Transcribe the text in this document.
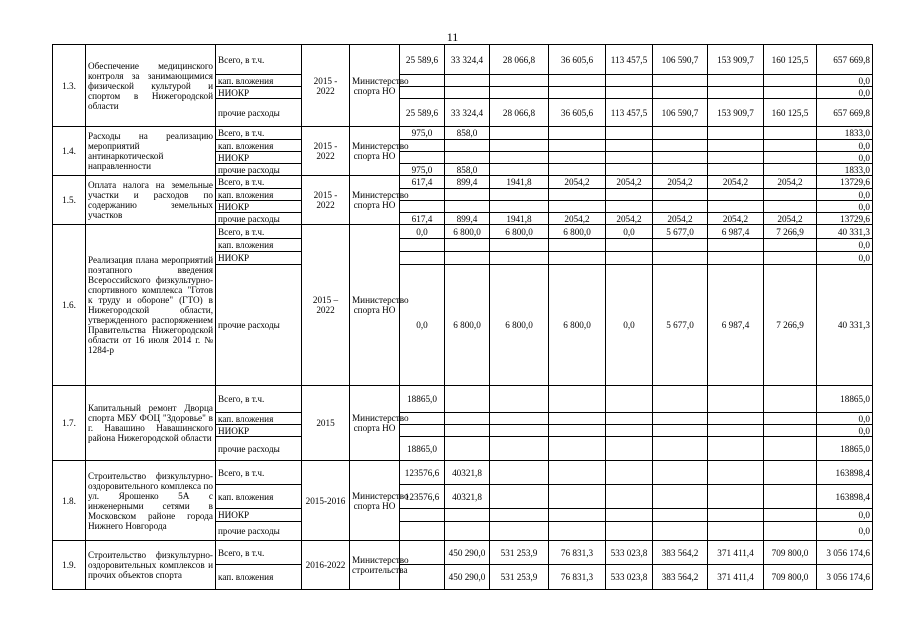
11
1.3.	Обеспечение медицинского контроля за занимающимися физической культурой и спортом в Нижегородской области	Всего, в т.ч.	2015 - 2022	Министерство спорта НО	25 589,6	33 324,4	28 066,8	36 605,6	113 457,5	106 590,7	153 909,7	160 125,5	657 669,8
		кап. вложения											0,0
		НИОКР											0,0
		прочие расходы			25 589,6	33 324,4	28 066,8	36 605,6	113 457,5	106 590,7	153 909,7	160 125,5	657 669,8
1.4.	Расходы на реализацию мероприятий антинаркотической направленности	Всего, в т.ч.	2015 - 2022	Министерство спорта НО	975,0	858,0							1833,0
		кап. вложения											0,0
		НИОКР											0,0
		прочие расходы			975,0	858,0							1833,0
1.5.	Оплата налога на земельные участки и расходов по содержанию земельных участков	Всего, в т.ч.	2015 - 2022	Министерство спорта НО	617,4	899,4	1941,8	2054,2	2054,2	2054,2	2054,2	2054,2	13729,6
		кап. вложения											0,0
		НИОКР											0,0
		прочие расходы			617,4	899,4	1941,8	2054,2	2054,2	2054,2	2054,2	2054,2	13729,6
1.6.	Реализация плана мероприятий поэтапного введения Всероссийского физкультурно-спортивного комплекса "Готов к труду и обороне" (ГТО) в Нижегородской области, утвержденного распоряжением Правительства Нижегородской области от 16 июля 2014 г. № 1284-р	Всего, в т.ч.	2015 – 2022	Министерство спорта НО	0,0	6 800,0	6 800,0	6 800,0	0,0	5 677,0	6 987,4	7 266,9	40 331,3
		кап. вложения											0,0
		НИОКР											0,0
		прочие расходы			0,0	6 800,0	6 800,0	6 800,0	0,0	5 677,0	6 987,4	7 266,9	40 331,3
1.7.	Капитальный ремонт Дворца спорта МБУ ФОЦ "Здоровье" в г. Навашино Навашинского района Нижегородской области	Всего, в т.ч.	2015	Министерство спорта НО	18865,0								18865,0
		кап. вложения											0,0
		НИОКР											0,0
		прочие расходы			18865,0								18865,0
1.8.	Строительство физкультурно-оздоровительного комплекса по ул. Ярошенко 5А с инженерными сетями в Московском районе города Нижнего Новгорода	Всего, в т.ч.	2015-2016	Министерство спорта НО	123576,6	40321,8							163898,4
		кап. вложения			123576,6	40321,8							163898,4
		НИОКР											0,0
		прочие расходы											0,0
1.9.	Строительство физкультурно-оздоровительных комплексов и прочих объектов спорта	Всего, в т.ч.	2016-2022	Министерство строительства		450 290,0	531 253,9	76 831,3	533 023,8	383 564,2	371 411,4	709 800,0	3 056 174,6
		кап. вложения				450 290,0	531 253,9	76 831,3	533 023,8	383 564,2	371 411,4	709 800,0	3 056 174,6
